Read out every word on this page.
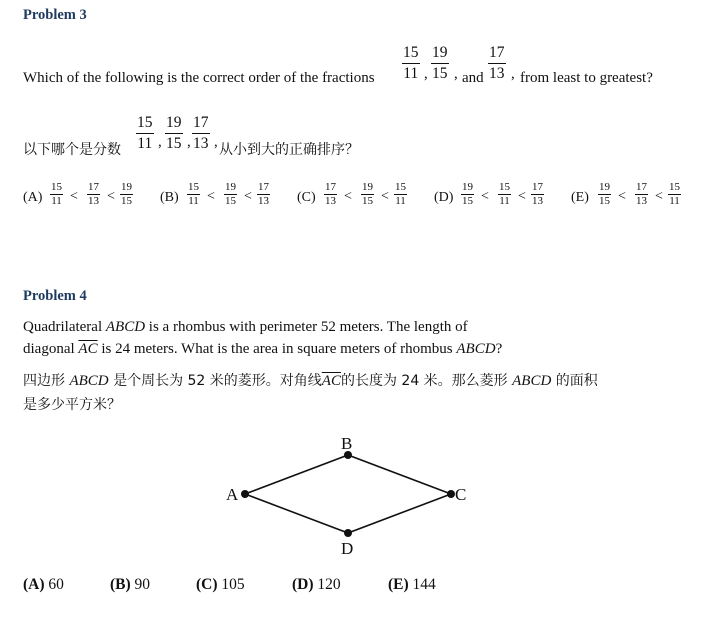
Problem 3
Which of the following is the correct order of the fractions $\frac{15}{11}$ , $\frac{19}{15}$ , and $\frac{17}{13}$ , from least to greatest?
以下哪个是分数 $\frac{15}{11}$ , $\frac{19}{15}$ , $\frac{17}{13}$ , 从小到大的正确排序？
$(A) \frac{15}{11} < \frac{17}{13} < \frac{19}{15} (B) \frac{15}{11} < \frac{19}{15} < \frac{17}{13} (C) \frac{17}{13} < \frac{19}{15} < \frac{15}{11} (D) \frac{19}{15} < \frac{15}{11} < \frac{17}{13} (E) \frac{19}{15} < \frac{17}{13} < \frac{15}{11}$
Problem 4
Quadrilateral ABCD is a rhombus with perimeter 52 meters. The length of
diagonal $\overline{AC}$ is 24 meters. What is the area in square meters of rhombus ABCD?
四边形 ABCD 是个周长为 52 米的菱形。对角线$\overline{AC}$的长度为 24 米。那么菱形 ABCD 的面积
是多少平方米？
A
B
C
D
(A) 60	(B) 90	(C) 105	(D) 120	(E) 144
